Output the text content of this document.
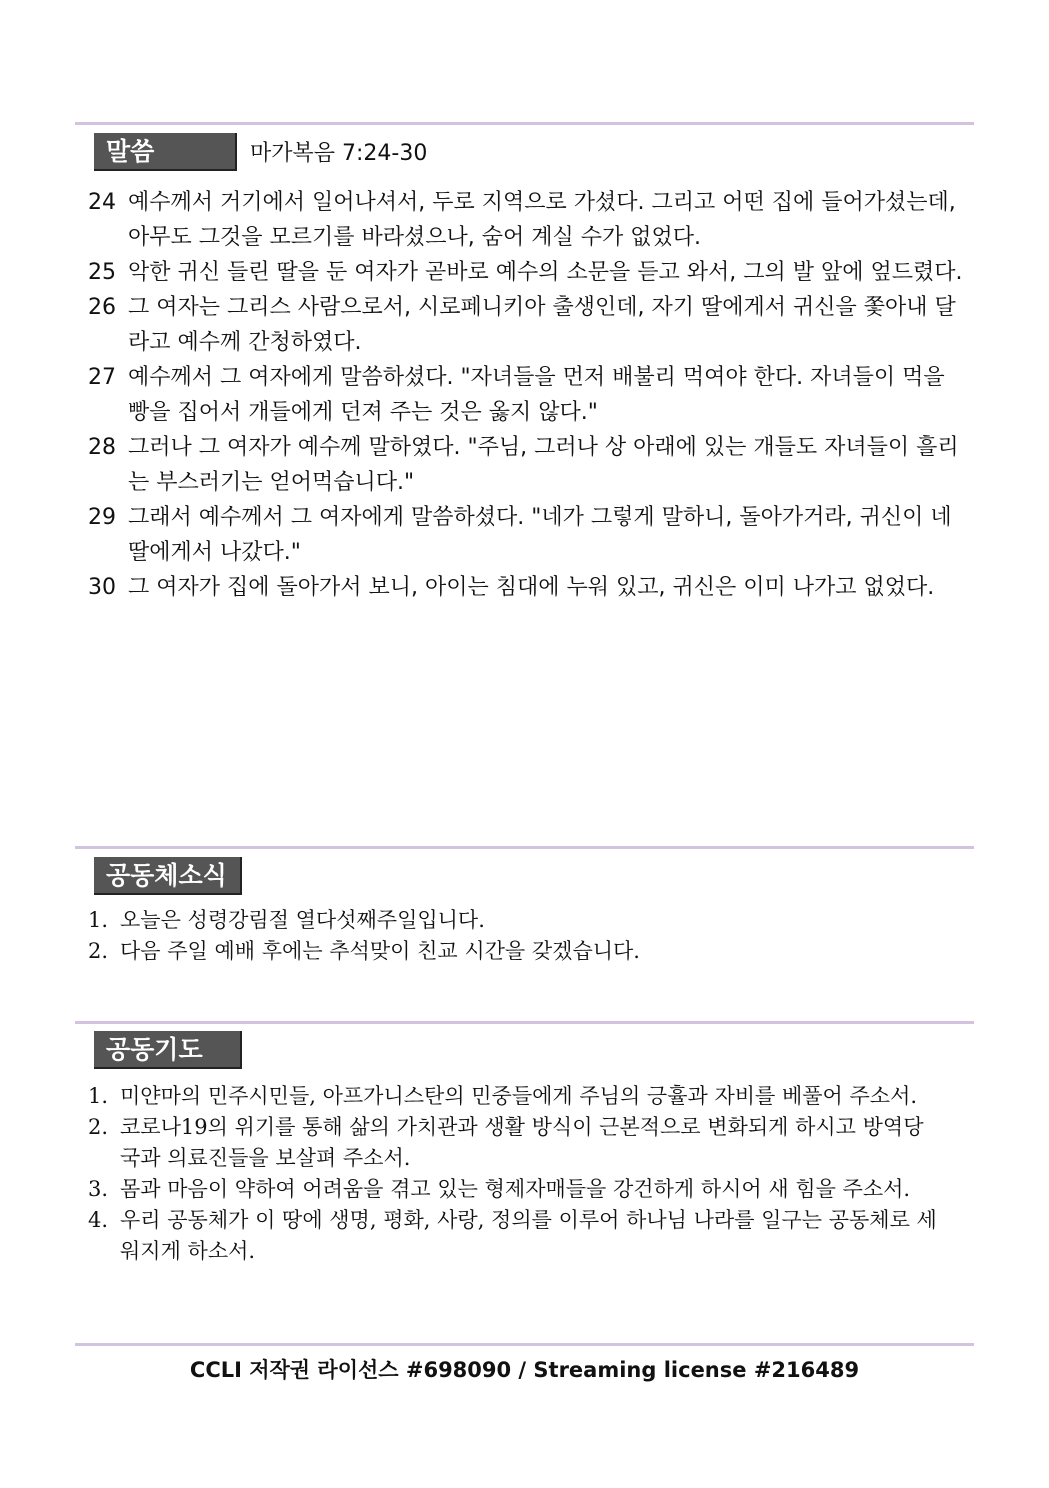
말씀	마가복음 7:24-30
24 예수께서 거기에서 일어나셔서, 두로 지역으로 가셨다. 그리고 어떤 집에 들어가셨는데, 아무도 그것을 모르기를 바라셨으나, 숨어 계실 수가 없었다.
25 악한 귀신 들린 딸을 둔 여자가 곧바로 예수의 소문을 듣고 와서, 그의 발 앞에 엎드렸다.
26 그 여자는 그리스 사람으로서, 시로페니키아 출생인데, 자기 딸에게서 귀신을 쫓아내 달라고 예수께 간청하였다.
27 예수께서 그 여자에게 말씀하셨다. "자녀들을 먼저 배불리 먹여야 한다. 자녀들이 먹을 빵을 집어서 개들에게 던져 주는 것은 옳지 않다."
28 그러나 그 여자가 예수께 말하였다. "주님, 그러나 상 아래에 있는 개들도 자녀들이 흘리는 부스러기는 얻어먹습니다."
29 그래서 예수께서 그 여자에게 말씀하셨다. "네가 그렇게 말하니, 돌아가거라, 귀신이 네 딸에게서 나갔다."
30 그 여자가 집에 돌아가서 보니, 아이는 침대에 누워 있고, 귀신은 이미 나가고 없었다.
공동체소식
1. 오늘은 성령강림절 열다섯째주일입니다.
2. 다음 주일 예배 후에는 추석맞이 친교 시간을 갖겠습니다.
공동기도
1. 미얀마의 민주시민들, 아프가니스탄의 민중들에게 주님의 긍휼과 자비를 베풀어 주소서.
2. 코로나19의 위기를 통해 삶의 가치관과 생활 방식이 근본적으로 변화되게 하시고 방역당국과 의료진들을 보살펴 주소서.
3. 몸과 마음이 약하여 어려움을 겪고 있는 형제자매들을 강건하게 하시어 새 힘을 주소서.
4. 우리 공동체가 이 땅에 생명, 평화, 사랑, 정의를 이루어 하나님 나라를 일구는 공동체로 세워지게 하소서.
CCLI 저작권 라이선스 #698090 / Streaming license #216489
